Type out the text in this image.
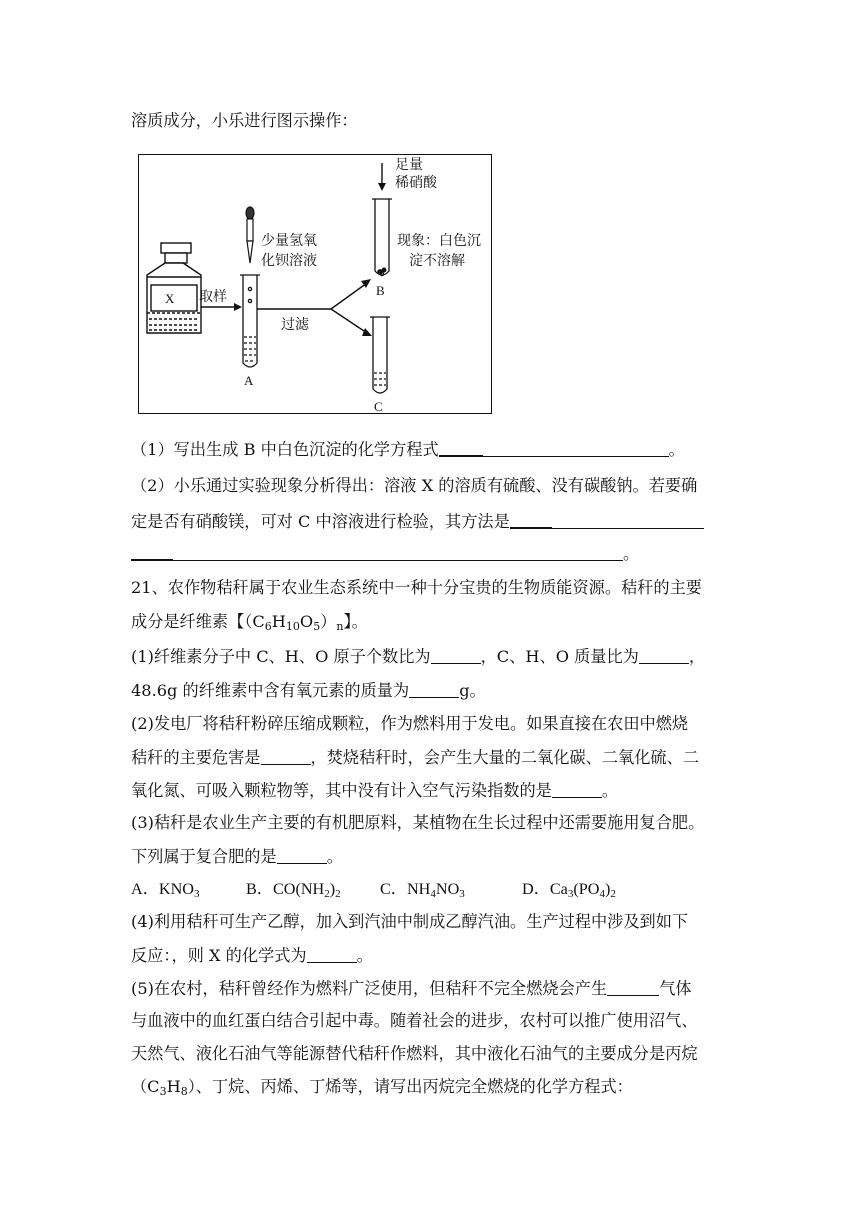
溶质成分，小乐进行图示操作：
X 取样
少量氢氧
化钡溶液
A
过滤
足量
稀硝酸
B
现象：白色沉
淀不溶解
C
（1）写出生成 B 中白色沉淀的化学方程式	。
（2）小乐通过实验现象分析得出：溶液 X 的溶质有硫酸、没有碳酸钠。若要确
定是否有硝酸镁，可对 C 中溶液进行检验，其方法是
。
21、农作物秸秆属于农业生态系统中一种十分宝贵的生物质能资源。秸秆的主要
成分是纤维素【$(C_6H_{10}O_5)_n$】。
(1)纤维素分子中 C、H、O 原子个数比为	，C、H、O 质量比为	，
48.6g 的纤维素中含有氧元素的质量为	g。
(2)发电厂将秸秆粉碎压缩成颗粒，作为燃料用于发电。如果直接在农田中燃烧
秸秆的主要危害是	，焚烧秸秆时，会产生大量的二氧化碳、二氧化硫、二
氧化氮、可吸入颗粒物等，其中没有计入空气污染指数的是	。
(3)秸秆是农业生产主要的有机肥原料，某植物在生长过程中还需要施用复合肥。
下列属于复合肥的是	。
A．$KNO_3$	B．$CO(NH_2)_2$ C．$NH_4NO_3$	D．$Ca_3(PO_4)_2$
(4)利用秸秆可生产乙醇，加入到汽油中制成乙醇汽油。生产过程中涉及到如下
反应：，则 X 的化学式为	。
(5)在农村，秸秆曾经作为燃料广泛使用，但秸秆不完全燃烧会产生	气体
与血液中的血红蛋白结合引起中毒。随着社会的进步，农村可以推广使用沼气、
天然气、液化石油气等能源替代秸秆作燃料，其中液化石油气的主要成分是丙烷
$(C_3H_8)$、丁烷、丙烯、丁烯等，请写出丙烷完全燃烧的化学方程式：
